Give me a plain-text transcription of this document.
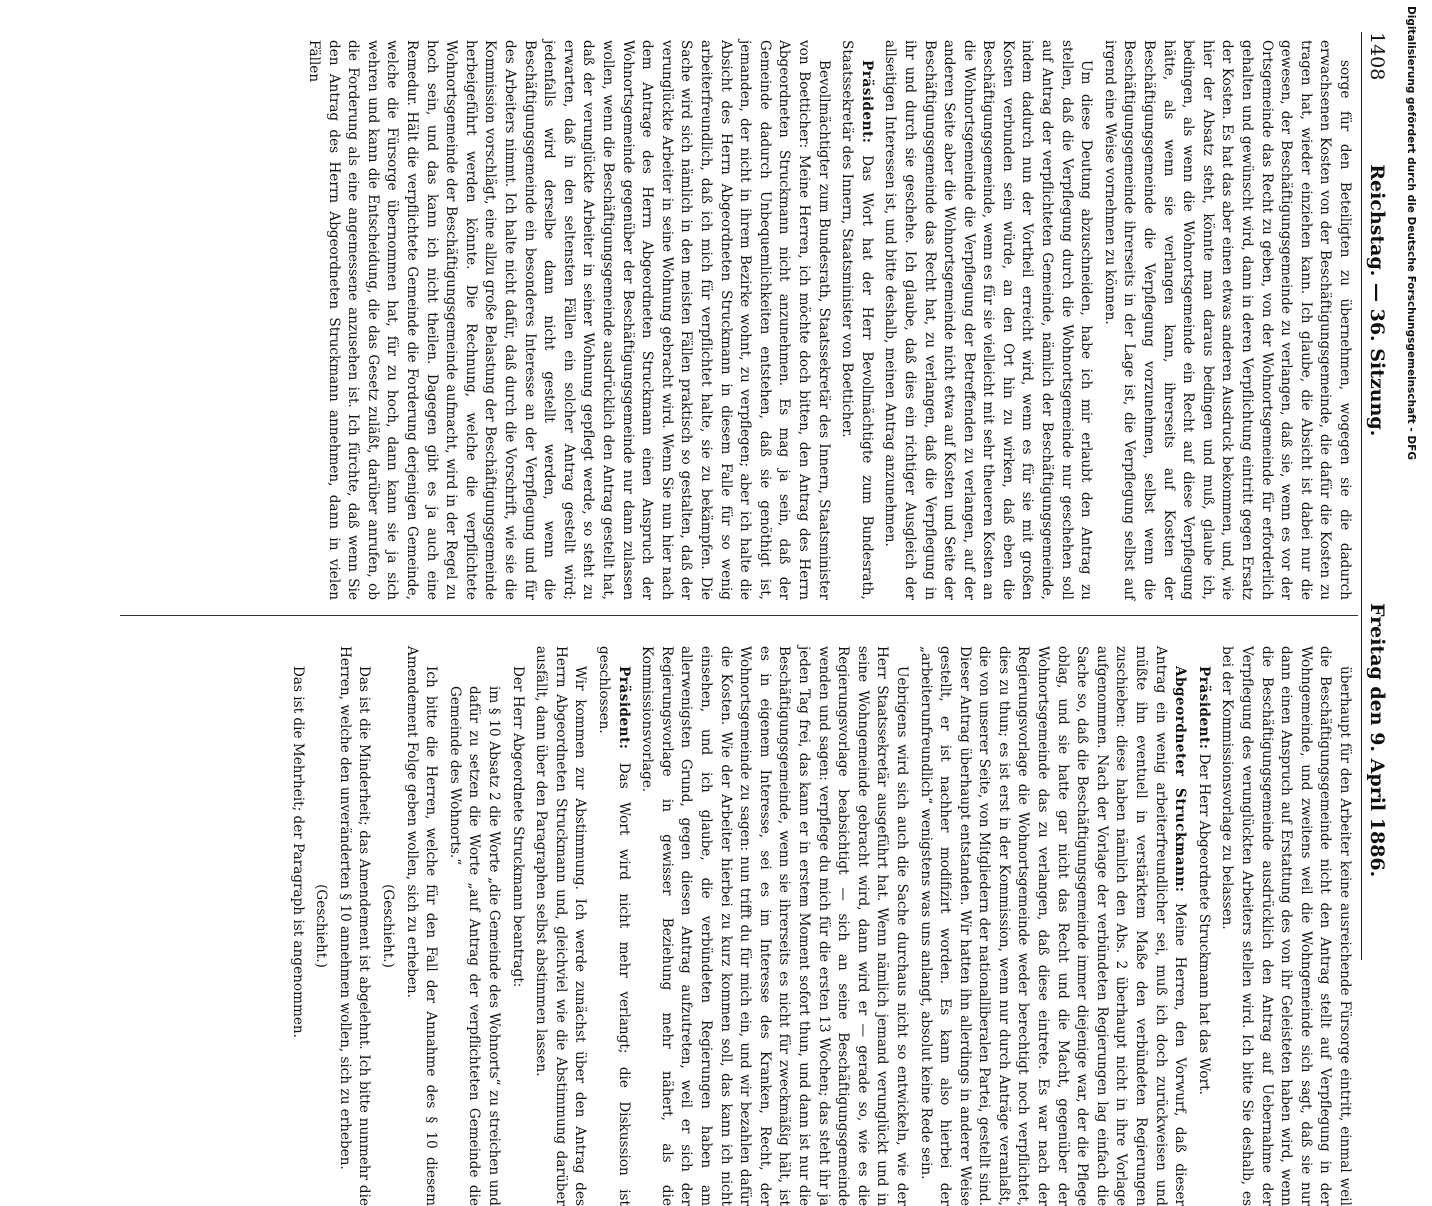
1408
Reichstag. — 36. Sitzung.
Freitag den 9. April 1886.

sorge für den Beteiligten zu übernehmen, wogegen sie die dadurch erwachsenen Kosten von der Beschäftigungsgemeinde, die dafür die Kosten zu tragen hat, wieder einziehen kann. Ich glaube, die Absicht ist dabei nur die gewesen, der Beschäftigungsgemeinde zu verlangen, daß sie, wenn es vor der Ortsgemeinde das Recht zu geben, von der Wohnortsgemeinde für erforderlich gehalten und gewünscht wird, dann in deren Verpflichtung eintritt gegen Ersatz der Kosten. Es hat das aber einen etwas anderen Ausdruck bekommen, und, wie hier der Absatz steht, könnte man daraus bedingen und muß, glaube ich, bedingen, als wenn die Wohnortsgemeinde ein Recht auf diese Verpflegung hätte, als wenn sie verlangen kann, ihrerseits auf Kosten der Beschäftigungsgemeinde die Verpflegung vorzunehmen, selbst wenn die Beschäftigungsgemeinde ihrerseits in der Lage ist, die Verpflegung selbst auf irgend eine Weise vornehmen zu können.

Um diese Deutung abzuschneiden, habe ich mir erlaubt den Antrag zu stellen, daß die Verpflegung durch die Wohnortsgemeinde nur geschehen soll auf Antrag der verpflichteten Gemeinde, nämlich der Beschäftigungsgemeinde, indem dadurch nun der Vortheil erreicht wird, wenn es für sie mit großen Kosten verbunden sein würde, an den Ort hin zu wirken, daß eben die Beschäftigungsgemeinde, wenn es für sie vielleicht mit sehr theueren Kosten an die Wohnortsgemeinde die Verpflegung der Betreffenden zu verlangen, auf der anderen Seite aber die Wohnortsgemeinde nicht etwa auf Kosten und Seite der Beschäftigungsgemeinde das Recht hat, zu verlangen, daß die Verpflegung in ihr und durch sie geschehe. Ich glaube, daß dies ein richtiger Ausgleich der allseitigen Interessen ist, und bitte deshalb, meinen Antrag anzunehmen.

Präsident: Das Wort hat der Herr Bevollmächtigte zum Bundesrath, Staatssekretär des Innern, Staatsminister von Boetticher.

Bevollmächtigter zum Bundesrath, Staatssekretär des Innern, Staatsminister von Boetticher: Meine Herren, ich möchte doch bitten, den Antrag des Herrn Abgeordneten Struckmann nicht anzunehmen. Es mag ja sein, daß der Gemeinde dadurch Unbequemlichkeiten entstehen, daß sie genöthigt ist, jemanden, der nicht in ihrem Bezirke wohnt, zu verpflegen; aber ich halte die Absicht des Herrn Abgeordneten Struckmann in diesem Falle für so wenig arbeiterfreundlich, daß ich mich für verpflichtet halte, sie zu bekämpfen. Die Sache wird sich nämlich in den meisten Fällen praktisch so gestalten, daß der verunglückte Arbeiter in seine Wohnung gebracht wird. Wenn Sie nun hier nach dem Antrage des Herrn Abgeordneten Struckmann einen Anspruch der Wohnortsgemeinde gegenüber der Beschäftigungsgemeinde nur dann zulassen wollen, wenn die Beschäftigungsgemeinde ausdrücklich den Antrag gestellt hat, daß der verunglückte Arbeiter in seiner Wohnung gepflegt werde, so steht zu erwarten, daß in den seltensten Fällen ein solcher Antrag gestellt wird; jedenfalls wird derselbe dann nicht gestellt werden, wenn die Beschäftigungsgemeinde ein besonderes Interesse an der Verpflegung und für des Arbeiters nimmt. Ich halte nicht dafür, daß durch die Vorschrift, wie sie die Kommission vorschlägt, eine allzu große Belastung der Beschäftigungsgemeinde herbeigeführt werden könnte. Die Rechnung, welche die verpflichtete Wohnortsgemeinde der Beschäftigungsgemeinde aufmacht, wird in der Regel zu hoch sein, und das kann ich nicht theilen. Dagegen gibt es ja auch eine Remedur. Hält die verpflichtete Gemeinde die Forderung derjenigen Gemeinde, welche die Fürsorge übernommen hat, für zu hoch, dann kann sie ja sich wehren und kann die Entscheidung, die das Gesetz zuläßt, darüber anrufen, ob die Forderung als eine angemessene anzusehen ist. Ich fürchte, daß wenn Sie den Antrag des Herrn Abgeordneten Struckmann annehmen, dann in vielen Fällen

überhaupt für den Arbeiter keine ausreichende Fürsorge eintritt, einmal weil die Beschäftigungsgemeinde nicht den Antrag stellt auf Verpflegung in der Wohngemeinde, und zweitens weil die Wohngemeinde sich sagt, daß sie nur dann einen Anspruch auf Erstattung des von ihr Geleisteten haben wird, wenn die Beschäftigungsgemeinde ausdrücklich den Antrag auf Uebernahme der Verpflegung des verunglückten Arbeiters stellen wird. Ich bitte Sie deshalb, es bei der Kommissionsvorlage zu belassen.

Präsident: Der Herr Abgeordnete Struckmann hat das Wort.

Abgeordneter Struckmann: Meine Herren, den Vorwurf, daß dieser Antrag ein wenig arbeiterfreundlicher sei, muß ich doch zurückweisen und müßte ihn eventuell in verstärktem Maße den verbündeten Regierungen zuschieben: diese haben nämlich den Abs. 2 überhaupt nicht in ihre Vorlage aufgenommen. Nach der Vorlage der verbündeten Regierungen lag einfach die Sache so, daß die Beschäftigungsgemeinde immer diejenige war, der die Pflege oblag, und sie hatte gar nicht das Recht und die Macht, gegenüber der Wohnortsgemeinde das zu verlangen, daß diese eintrete. Es war nach der Regierungsvorlage die Wohnortsgemeinde weder berechtigt noch verpflichtet, dies zu thun; es ist erst in der Kommission, wenn nur durch Anträge veranlaßt, die von unserer Seite, von Mitgliedern der nationalliberalen Partei, gestellt sind. Dieser Antrag überhaupt entstanden. Wir hatten ihn allerdings in anderer Weise gestellt, er ist nachher modifizirt worden. Es kann also hierbei der „arbeiterunfreundlich“ wenigstens was uns anlangt, absolut keine Rede sein.

Uebrigens wird sich auch die Sache durchaus nicht so entwickeln, wie der Herr Staatssekretär ausgeführt hat. Wenn nämlich jemand verunglückt und in seine Wohngemeinde gebracht wird, dann wird er — gerade so, wie es die Regierungsvorlage beabsichtigt — sich an seine Beschäftigungsgemeinde wenden und sagen: verpflege du mich für die ersten 13 Wochen; das steht ihr ja jeden Tag frei, das kann er in erstem Moment sofort thun, und dann ist nur die Beschäftigungsgemeinde, wenn sie ihrerseits es nicht für zweckmäßig hält, ist es in eigenem Interesse, sei es im Interesse des Kranken, Recht, der Wohnortsgemeinde zu sagen: nun trifft du für mich ein, und wir bezahlen dafür die Kosten. Wie der Arbeiter hierbei zu kurz kommen soll, das kann ich nicht einsehen, und ich glaube, die verbündeten Regierungen haben am allerwenigsten Grund, gegen diesen Antrag aufzutreten, weil er sich der Regierungsvorlage in gewisser Beziehung mehr nähert, als die Kommissionsvorlage.

Präsident: Das Wort wird nicht mehr verlangt; die Diskussion ist geschlossen.

Wir kommen zur Abstimmung. Ich werde zunächst über den Antrag des Herrn Abgeordneten Struckmann und, gleichviel wie die Abstimmung darüber ausfällt, dann über den Paragraphen selbst abstimmen lassen.

Der Herr Abgeordnete Struckmann beantragt:

im § 10 Absatz 2 die Worte „die Gemeinde des Wohnorts“ zu streichen und dafür zu setzen die Worte „auf Antrag der verpflichteten Gemeinde die Gemeinde des Wohnorts.“

Ich bitte die Herren, welche für den Fall der Annahme des § 10 diesem Amendement Folge geben wollen, sich zu erheben.

(Geschieht.)

Das ist die Minderheit; das Amendement ist abgelehnt. Ich bitte nunmehr die Herren, welche den unveränderten § 10 annehmen wollen, sich zu erheben.

(Geschieht.)

Das ist die Mehrheit; der Paragraph ist angenommen.

Digitalisierung gefördert durch die Deutsche Forschungsgemeinschaft - DFG
